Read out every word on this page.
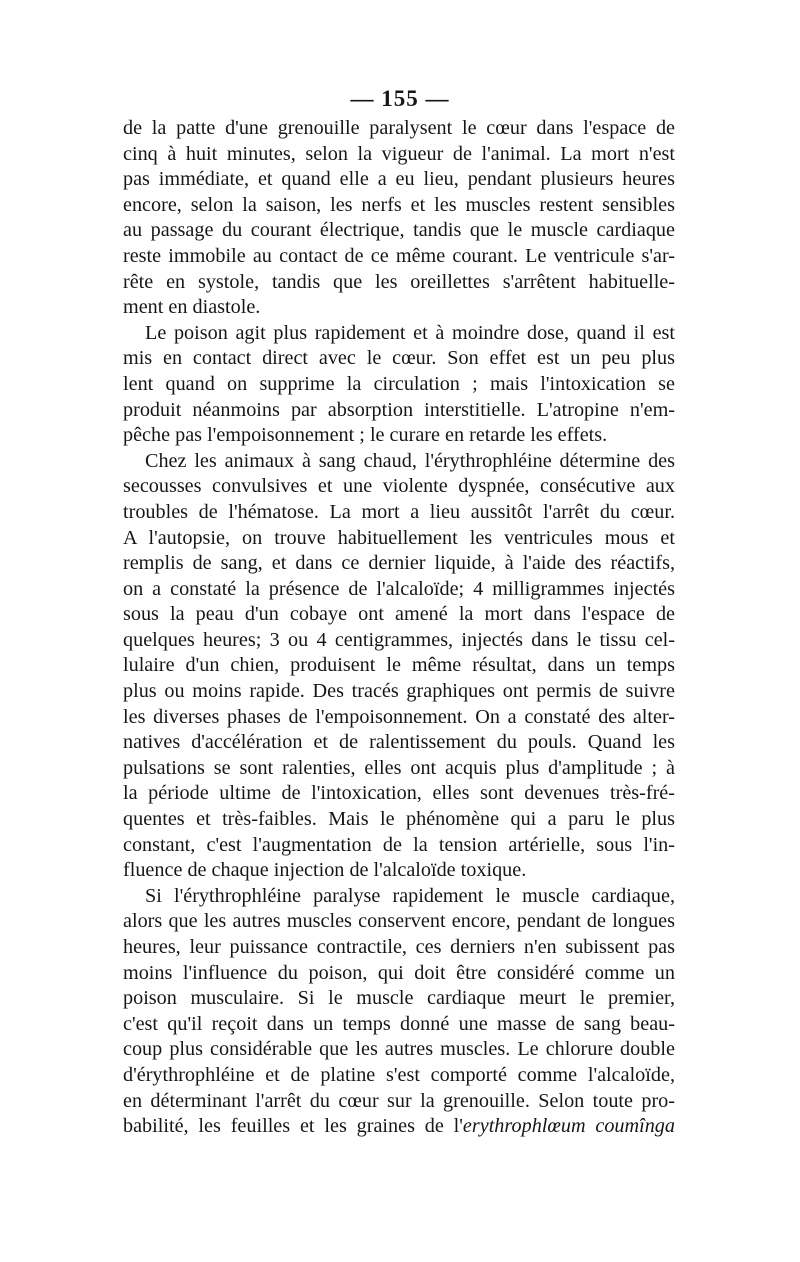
— 155 —
de la patte d'une grenouille paralysent le cœur dans l'espace de
cinq à huit minutes, selon la vigueur de l'animal. La mort n'est
pas immédiate, et quand elle a eu lieu, pendant plusieurs heures
encore, selon la saison, les nerfs et les muscles restent sensibles
au passage du courant électrique, tandis que le muscle cardiaque
reste immobile au contact de ce même courant. Le ventricule s'ar-
rête en systole, tandis que les oreillettes s'arrêtent habituelle-
ment en diastole.
Le poison agit plus rapidement et à moindre dose, quand il est
mis en contact direct avec le cœur. Son effet est un peu plus
lent quand on supprime la circulation ; mais l'intoxication se
produit néanmoins par absorption interstitielle. L'atropine n'em-
pêche pas l'empoisonnement ; le curare en retarde les effets.
Chez les animaux à sang chaud, l'érythrophléine détermine des
secousses convulsives et une violente dyspnée, consécutive aux
troubles de l'hématose. La mort a lieu aussitôt l'arrêt du cœur.
A l'autopsie, on trouve habituellement les ventricules mous et
remplis de sang, et dans ce dernier liquide, à l'aide des réactifs,
on a constaté la présence de l'alcaloïde; 4 milligrammes injectés
sous la peau d'un cobaye ont amené la mort dans l'espace de
quelques heures; 3 ou 4 centigrammes, injectés dans le tissu cel-
lulaire d'un chien, produisent le même résultat, dans un temps
plus ou moins rapide. Des tracés graphiques ont permis de suivre
les diverses phases de l'empoisonnement. On a constaté des alter-
natives d'accélération et de ralentissement du pouls. Quand les
pulsations se sont ralenties, elles ont acquis plus d'amplitude ; à
la période ultime de l'intoxication, elles sont devenues très-fré-
quentes et très-faibles. Mais le phénomène qui a paru le plus
constant, c'est l'augmentation de la tension artérielle, sous l'in-
fluence de chaque injection de l'alcaloïde toxique.
Si l'érythrophléine paralyse rapidement le muscle cardiaque,
alors que les autres muscles conservent encore, pendant de longues
heures, leur puissance contractile, ces derniers n'en subissent pas
moins l'influence du poison, qui doit être considéré comme un
poison musculaire. Si le muscle cardiaque meurt le premier,
c'est qu'il reçoit dans un temps donné une masse de sang beau-
coup plus considérable que les autres muscles. Le chlorure double
d'érythrophléine et de platine s'est comporté comme l'alcaloïde,
en déterminant l'arrêt du cœur sur la grenouille. Selon toute pro-
babilité, les feuilles et les graines de l'erythrophlœum coumînga
